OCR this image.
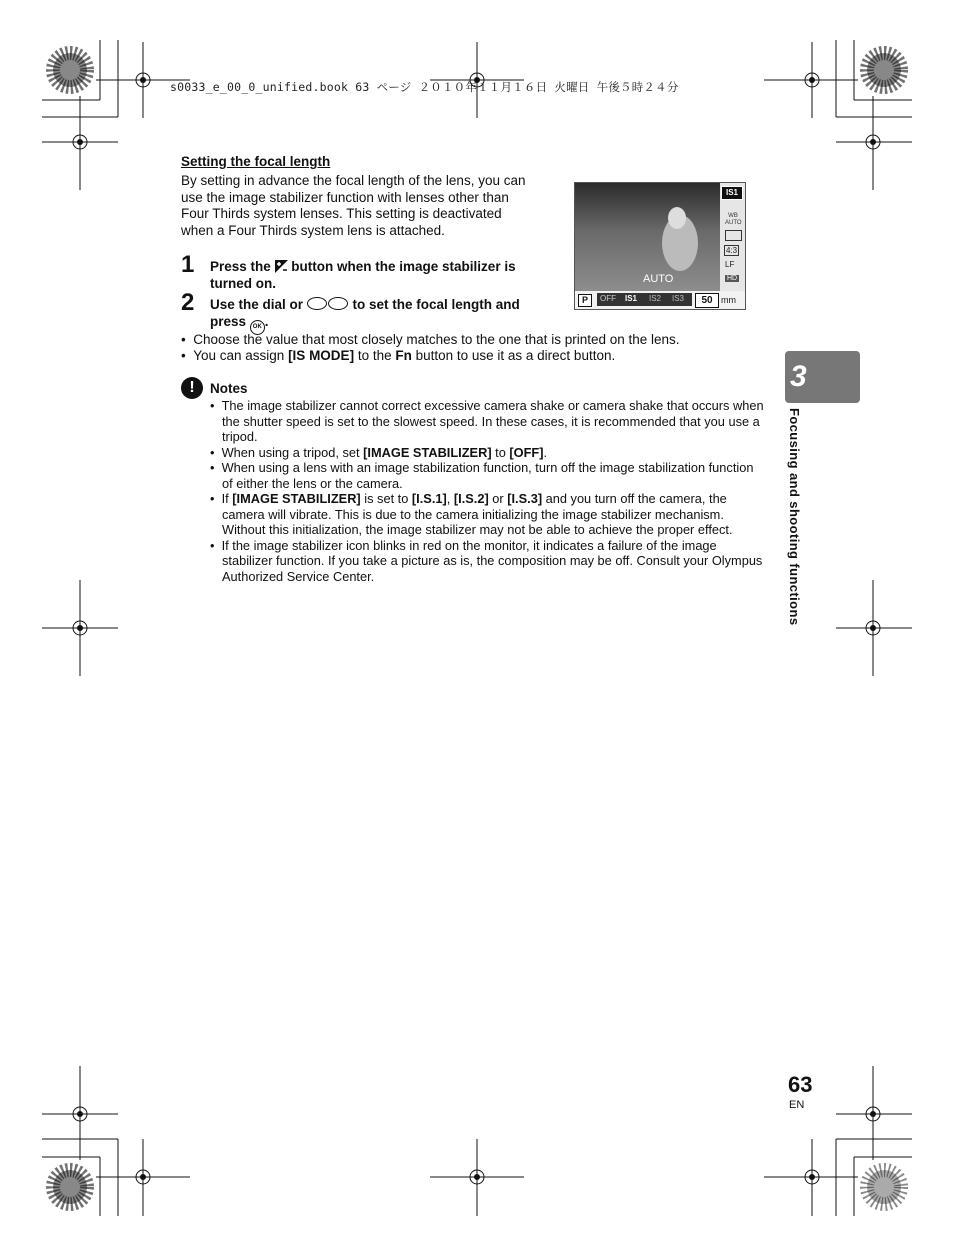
s0033_e_00_0_unified.book 63 ページ ２０１０年１１月１６日 火曜日 午後５時２４分
Setting the focal length
By setting in advance the focal length of the lens, you can
use the image stabilizer function with lenses other than
Four Thirds system lenses. This setting is deactivated
when a Four Thirds system lens is attached.
1 Press the
button when the image stabilizer is turned on.
2 Use the dial or	to set the focal length and press OK .
•  Choose the value that most closely matches to the one that is printed on the lens.
•  You can assign [IS MODE] to the Fn button to use it as a direct button.
!	Notes
•  The image stabilizer cannot correct excessive camera shake or camera shake that occurs when the shutter speed is set to the slowest speed. In these cases, it is recommended that you use a tripod.
•  When using a tripod, set [IMAGE STABILIZER] to [OFF].
•  When using a lens with an image stabilization function, turn off the image stabilization function of either the lens or the camera.
•  If [IMAGE STABILIZER] is set to [I.S.1], [I.S.2] or [I.S.3] and you turn off the camera, the camera will vibrate. This is due to the camera initializing the image stabilizer mechanism. Without this initialization, the image stabilizer may not be able to achieve the proper effect.
•  If the image stabilizer icon blinks in red on the monitor, it indicates a failure of the image stabilizer function. If you take a picture as is, the composition may be off. Consult your Olympus Authorized Service Center.
IS1
WB AUTO
4:3
LF
HD
AUTO
P	OFF IS1 IS2 IS3	50 mm
3
Focusing and shooting functions
63
EN
